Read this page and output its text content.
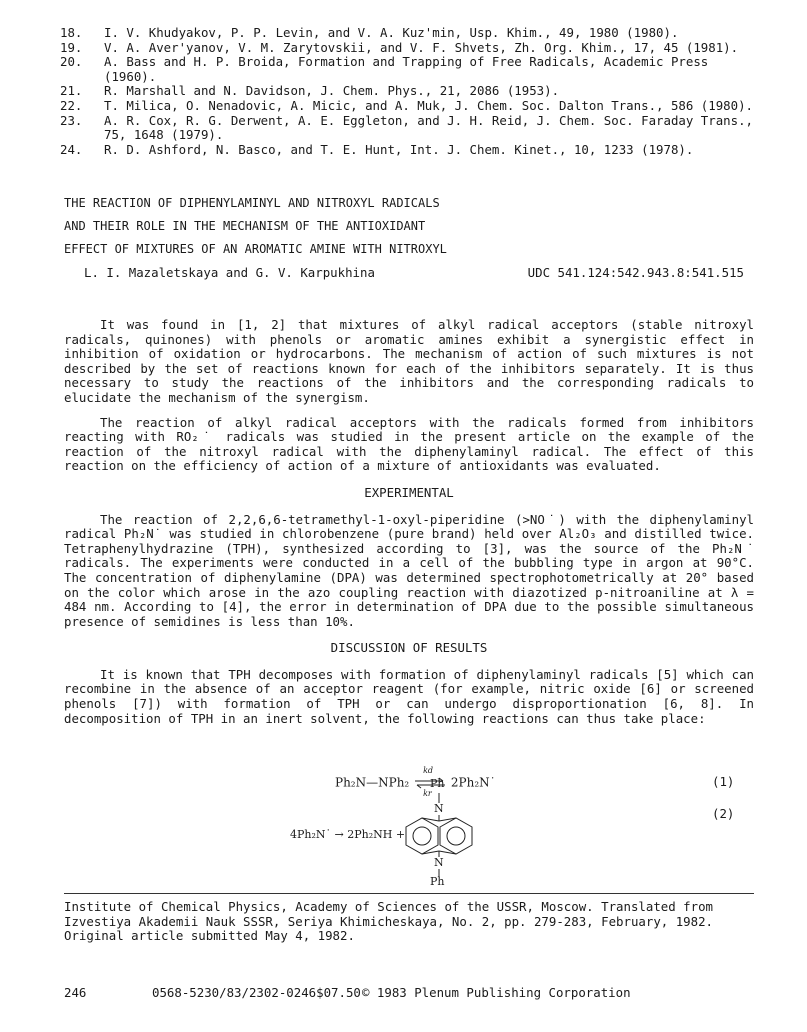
18.	I. V. Khudyakov, P. P. Levin, and V. A. Kuz'min, Usp. Khim., 49, 1980 (1980).
19.	V. A. Aver'yanov, V. M. Zarytovskii, and V. F. Shvets, Zh. Org. Khim., 17, 45 (1981).
20.	A. Bass and H. P. Broida, Formation and Trapping of Free Radicals, Academic Press (1960).
21.	R. Marshall and N. Davidson, J. Chem. Phys., 21, 2086 (1953).
22.	T. Milica, O. Nenadovic, A. Micic, and A. Muk, J. Chem. Soc. Dalton Trans., 586 (1980).
23.	A. R. Cox, R. G. Derwent, A. E. Eggleton, and J. H. Reid, J. Chem. Soc. Faraday Trans., 75, 1648 (1979).
24.	R. D. Ashford, N. Basco, and T. E. Hunt, Int. J. Chem. Kinet., 10, 1233 (1978).
THE REACTION OF DIPHENYLAMINYL AND NITROXYL RADICALS
AND THEIR ROLE IN THE MECHANISM OF THE ANTIOXIDANT
EFFECT OF MIXTURES OF AN AROMATIC AMINE WITH NITROXYL
L. I. Mazaletskaya and G. V. Karpukhina	UDC 541.124:542.943.8:541.515

It was found in [1, 2] that mixtures of alkyl radical acceptors (stable nitroxyl radicals, quinones) with phenols or aromatic amines exhibit a synergistic effect in inhibition of oxidation or hydrocarbons. The mechanism of action of such mixtures is not described by the set of reactions known for each of the inhibitors separately. It is thus necessary to study the reactions of the inhibitors and the corresponding radicals to elucidate the mechanism of the synergism.

The reaction of alkyl radical acceptors with the radicals formed from inhibitors reacting with RO₂˙ radicals was studied in the present article on the example of the reaction of the nitroxyl radical with the diphenylaminyl radical. The effect of this reaction on the efficiency of action of a mixture of antioxidants was evaluated.

EXPERIMENTAL

The reaction of 2,2,6,6-tetramethyl-1-oxyl-piperidine (>NO˙) with the diphenylaminyl radical Ph₂N˙ was studied in chlorobenzene (pure brand) held over Al₂O₃ and distilled twice. Tetraphenylhydrazine (TPH), synthesized according to [3], was the source of the Ph₂N˙ radicals. The experiments were conducted in a cell of the bubbling type in argon at 90°C. The concentration of diphenylamine (DPA) was determined spectrophotometrically at 20° based on the color which arose in the azo coupling reaction with diazotized p-nitroaniline at λ = 484 nm. According to [4], the error in determination of DPA due to the possible simultaneous presence of semidines is less than 10%.

DISCUSSION OF RESULTS

It is known that TPH decomposes with formation of diphenylaminyl radicals [5] which can recombine in the absence of an acceptor reagent (for example, nitric oxide [6] or screened phenols [7]) with formation of TPH or can undergo disproportionation [6, 8]. In decomposition of TPH in an inert solvent, the following reactions can thus take place:

Ph₂N—NPh₂
kd
kr
2Ph₂N˙	(1)
Ph
N
4Ph₂N˙ → 2Ph₂NH +
N
Ph
(2)
Institute of Chemical Physics, Academy of Sciences of the USSR, Moscow. Translated from Izvestiya Akademii Nauk SSSR, Seriya Khimicheskaya, No. 2, pp. 279-283, February, 1982. Original article submitted May 4, 1982.
246	0568-5230/83/2302-0246$07.50 © 1983 Plenum Publishing Corporation
